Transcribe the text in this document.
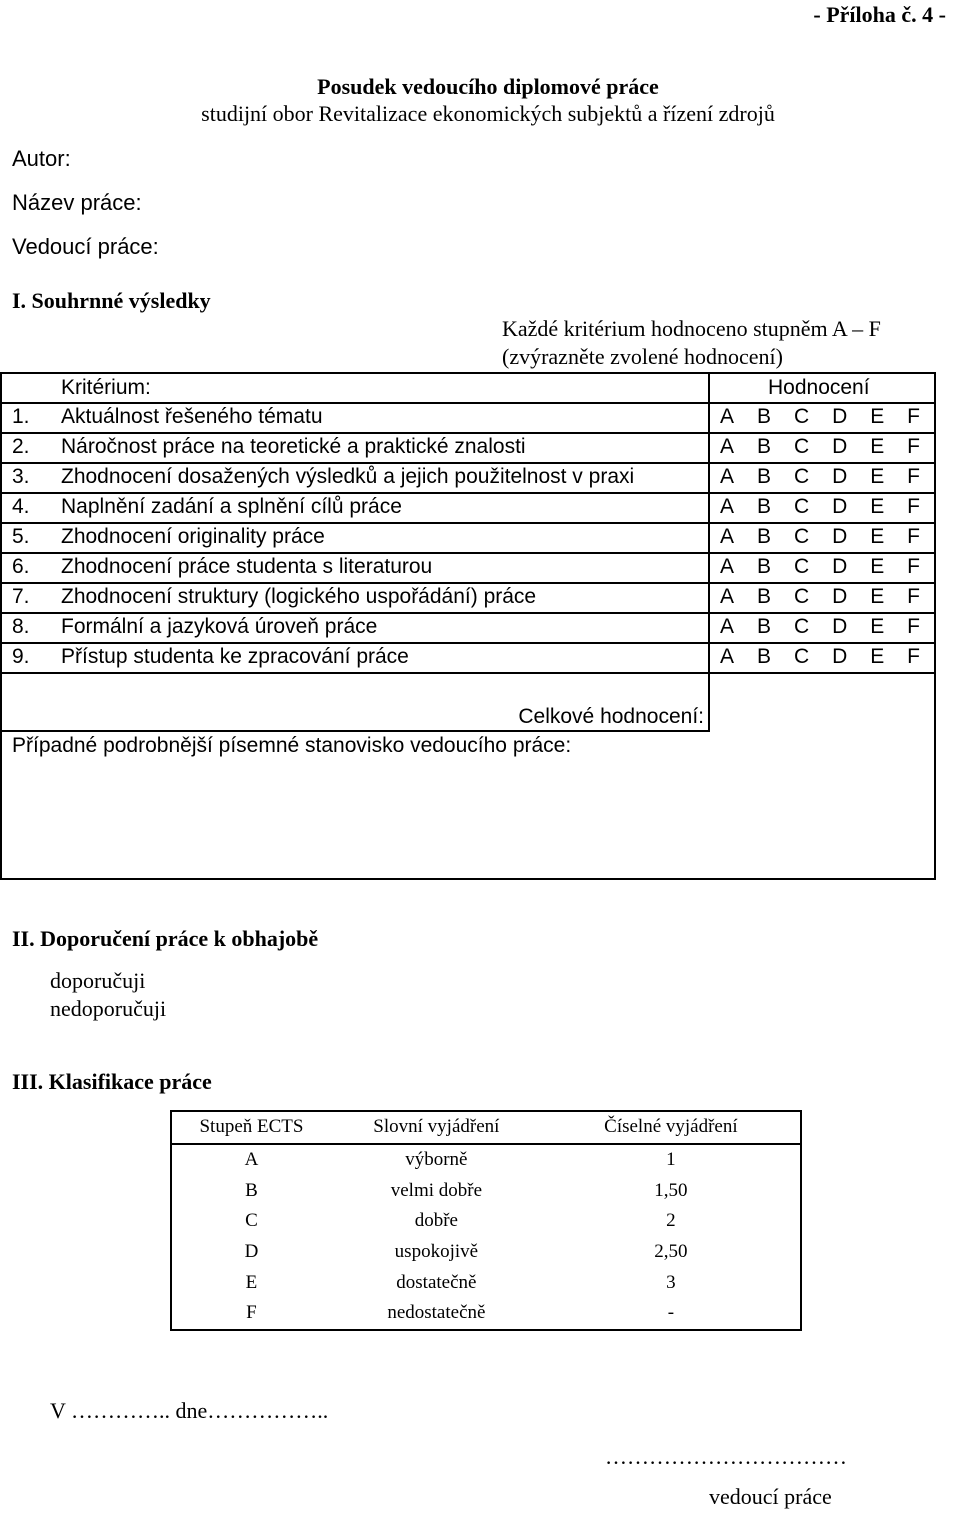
- Příloha č. 4 -
Posudek vedoucího diplomové práce
studijní obor Revitalizace ekonomických subjektů a řízení zdrojů
Autor:
Název práce:
Vedoucí práce:
I. Souhrnné výsledky
Každé kritérium hodnoceno stupněm A – F
(zvýrazněte zvolené hodnocení)
Kritérium:	Hodnocení
1. Aktuálnost řešeného tématu	A B C D E F
2. Náročnost práce na teoretické a praktické znalosti	A B C D E F
3. Zhodnocení dosažených výsledků a jejich použitelnost v praxi	A B C D E F
4. Naplnění zadání a splnění cílů práce	A B C D E F
5. Zhodnocení originality práce	A B C D E F
6. Zhodnocení práce studenta s literaturou	A B C D E F
7. Zhodnocení struktury (logického uspořádání) práce	A B C D E F
8. Formální a jazyková úroveň práce	A B C D E F
9. Přístup studenta ke zpracování práce	A B C D E F
Celkové hodnocení:
Případné podrobnější písemné stanovisko vedoucího práce:
II. Doporučení práce k obhajobě
doporučuji
nedoporučuji
III. Klasifikace práce
Stupeň ECTS	Slovní vyjádření	Číselné vyjádření
A	výborně	1
B	velmi dobře	1,50
C	dobře	2
D	uspokojivě	2,50
E	dostatečně	3
F	nedostatečně	-
V ………….. dne……………..
……………………………
vedoucí práce
